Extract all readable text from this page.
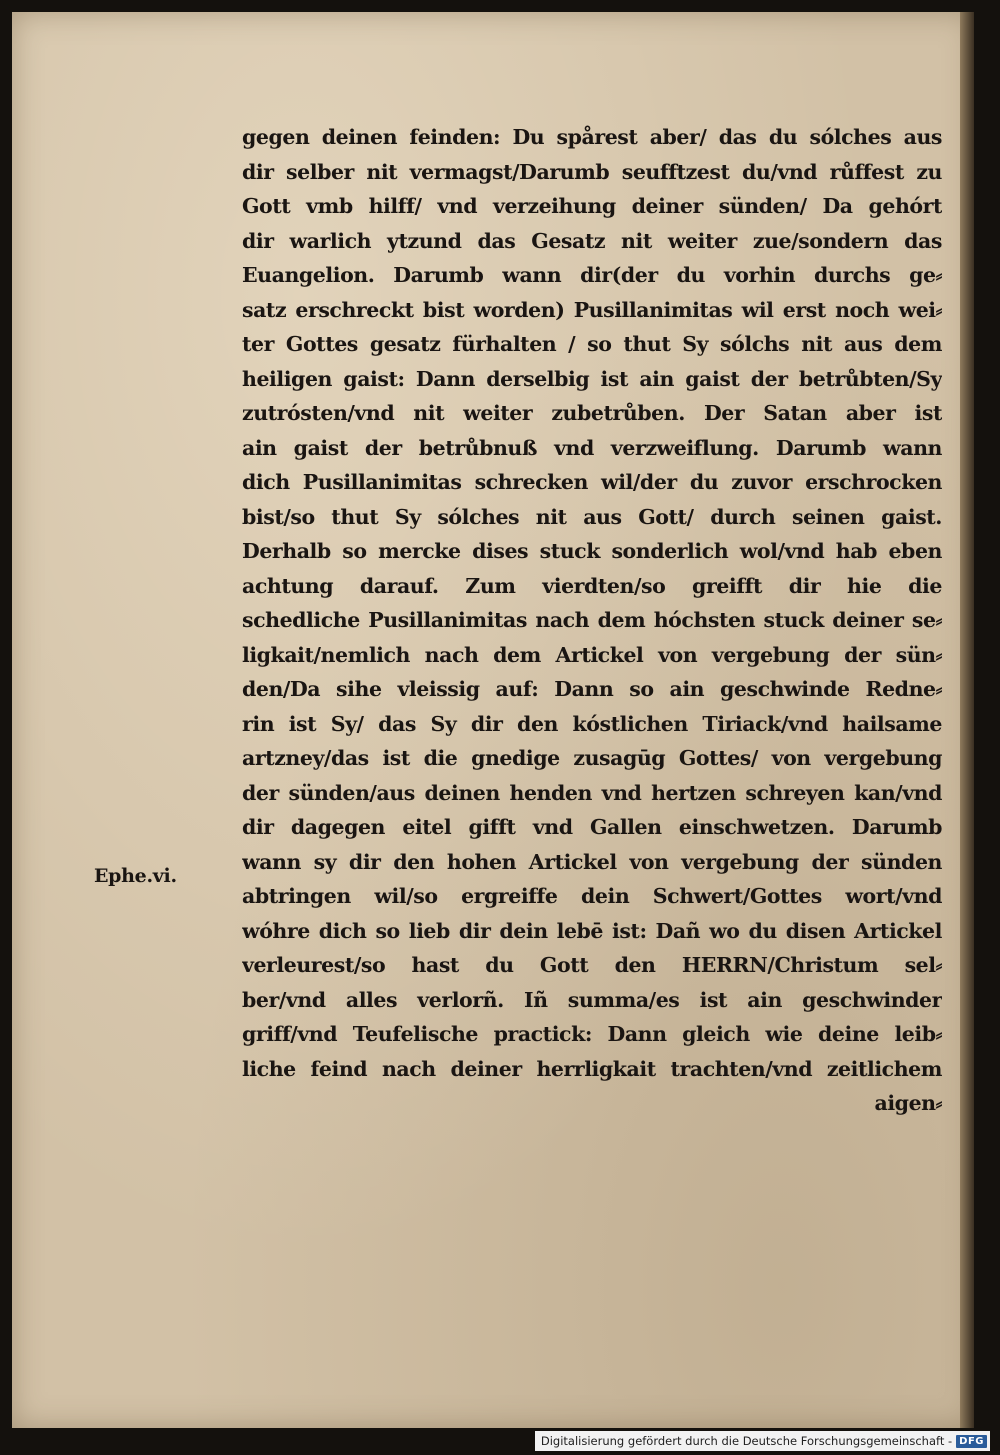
gegen deinen feinden: Du spårest aber/ das du sólches aus
dir selber nit vermagst/Darumb seufftzest du/vnd růffest zu
Gott vmb hilff/ vnd verzeihung deiner sünden/ Da gehórt
dir warlich ytzund das Gesatz nit weiter zue/sondern das
Euangelion. Darumb wann dir(der du vorhin durchs ge⸗
satz erschreckt bist worden) Pusillanimitas wil erst noch wei⸗
ter Gottes gesatz fürhalten / so thut Sy sólchs nit aus dem
heiligen gaist: Dann derselbig ist ain gaist der betrůbten/Sy
zutrósten/vnd nit weiter zubetrůben. Der Satan aber ist
ain gaist der betrůbnuß vnd verzweiflung. Darumb wann
dich Pusillanimitas schrecken wil/der du zuvor erschrocken
bist/so thut Sy sólches nit aus Gott/ durch seinen gaist.
Derhalb so mercke dises stuck sonderlich wol/vnd hab eben
achtung darauf. Zum vierdten/so greifft dir hie die
schedliche Pusillanimitas nach dem hóchsten stuck deiner se⸗
ligkait/nemlich nach dem Artickel von vergebung der sün⸗
den/Da sihe vleissig auf: Dann so ain geschwinde Redne⸗
rin ist Sy/ das Sy dir den kóstlichen Tiriack/vnd hailsame
artzney/das ist die gnedige zusagūg Gottes/ von vergebung
der sünden/aus deinen henden vnd hertzen schreyen kan/vnd
dir dagegen eitel gifft vnd Gallen einschwetzen. Darumb
wann sy dir den hohen Artickel von vergebung der sünden
abtringen wil/so ergreiffe dein Schwert/Gottes wort/vnd
wóhre dich so lieb dir dein lebē ist: Dañ wo du disen Artickel
verleurest/so hast du Gott den HERRN/Christum sel⸗
ber/vnd alles verlorñ. Iñ summa/es ist ain geschwinder
griff/vnd Teufelische practick: Dann gleich wie deine leib⸗
liche feind nach deiner herrligkait trachten/vnd zeitlichem
aigen⸗
Ephe.vi.
Digitalisierung gefördert durch die Deutsche Forschungsgemeinschaft - DFG
